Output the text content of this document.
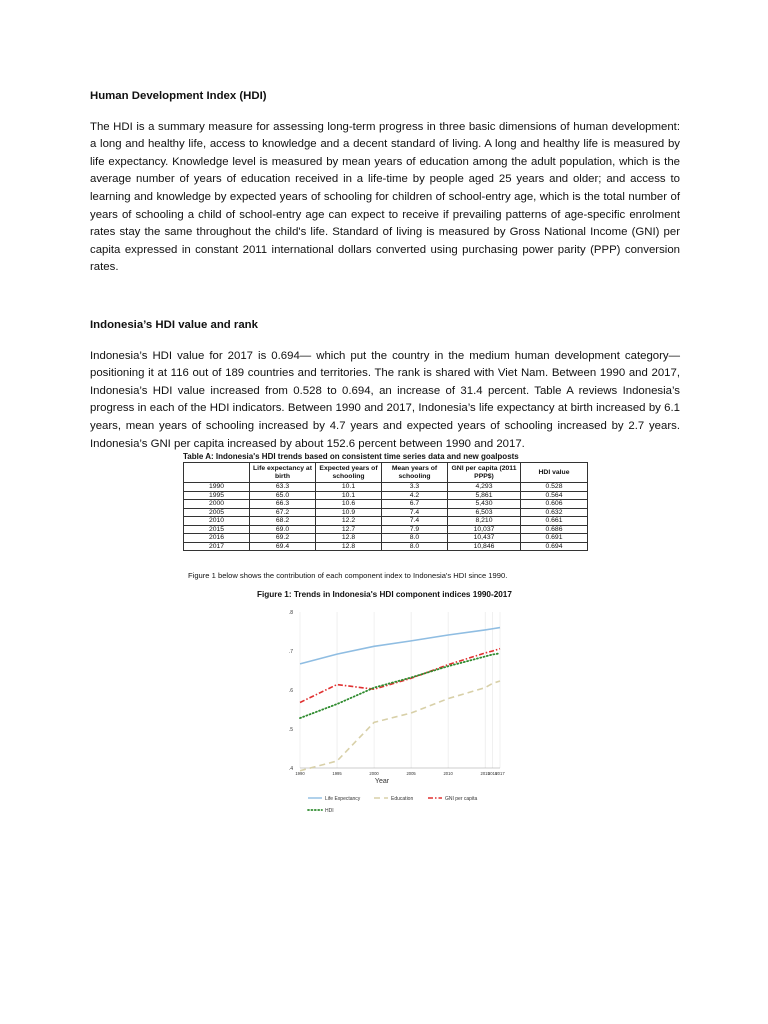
Human Development Index (HDI)

The HDI is a summary measure for assessing long-term progress in three basic dimensions of human development: a long and healthy life, access to knowledge and a decent standard of living. A long and healthy life is measured by life expectancy. Knowledge level is measured by mean years of education among the adult population, which is the average number of years of education received in a life-time by people aged 25 years and older; and access to learning and knowledge by expected years of schooling for children of school-entry age, which is the total number of years of schooling a child of school-entry age can expect to receive if prevailing patterns of age-specific enrolment rates stay the same throughout the child's life. Standard of living is measured by Gross National Income (GNI) per capita expressed in constant 2011 international dollars converted using purchasing power parity (PPP) conversion rates.

Indonesia’s HDI value and rank

Indonesia’s HDI value for 2017 is 0.694— which put the country in the medium human development category—positioning it at 116 out of 189 countries and territories. The rank is shared with Viet Nam. Between 1990 and 2017, Indonesia’s HDI value increased from 0.528 to 0.694, an increase of 31.4 percent. Table A reviews Indonesia’s progress in each of the HDI indicators. Between 1990 and 2017, Indonesia’s life expectancy at birth increased by 6.1 years, mean years of schooling increased by 4.7 years and expected years of schooling increased by 2.7 years. Indonesia’s GNI per capita increased by about 152.6 percent between 1990 and 2017.

Table A: Indonesia's HDI trends based on consistent time series data and new goalposts
	Life expectancy at birth	Expected years of schooling	Mean years of schooling	GNI per capita (2011 PPP$)	HDI value
1990	63.3	10.1	3.3	4,293	0.528
1995	65.0	10.1	4.2	5,861	0.564
2000	66.3	10.6	6.7	5,430	0.606
2005	67.2	10.9	7.4	6,503	0.632
2010	68.2	12.2	7.4	8,210	0.661
2015	69.0	12.7	7.9	10,037	0.686
2016	69.2	12.8	8.0	10,437	0.691
2017	69.4	12.8	8.0	10,846	0.694
Figure 1 below shows the contribution of each component index to Indonesia's HDI since 1990.
Figure 1: Trends in Indonesia's HDI component indices 1990-2017
.4
.5
.6
.7
.8
1990	1995	2000	2005	2010	2015
2016
2017
Year
Life Expectancy	Education	GNI per capita
HDI
